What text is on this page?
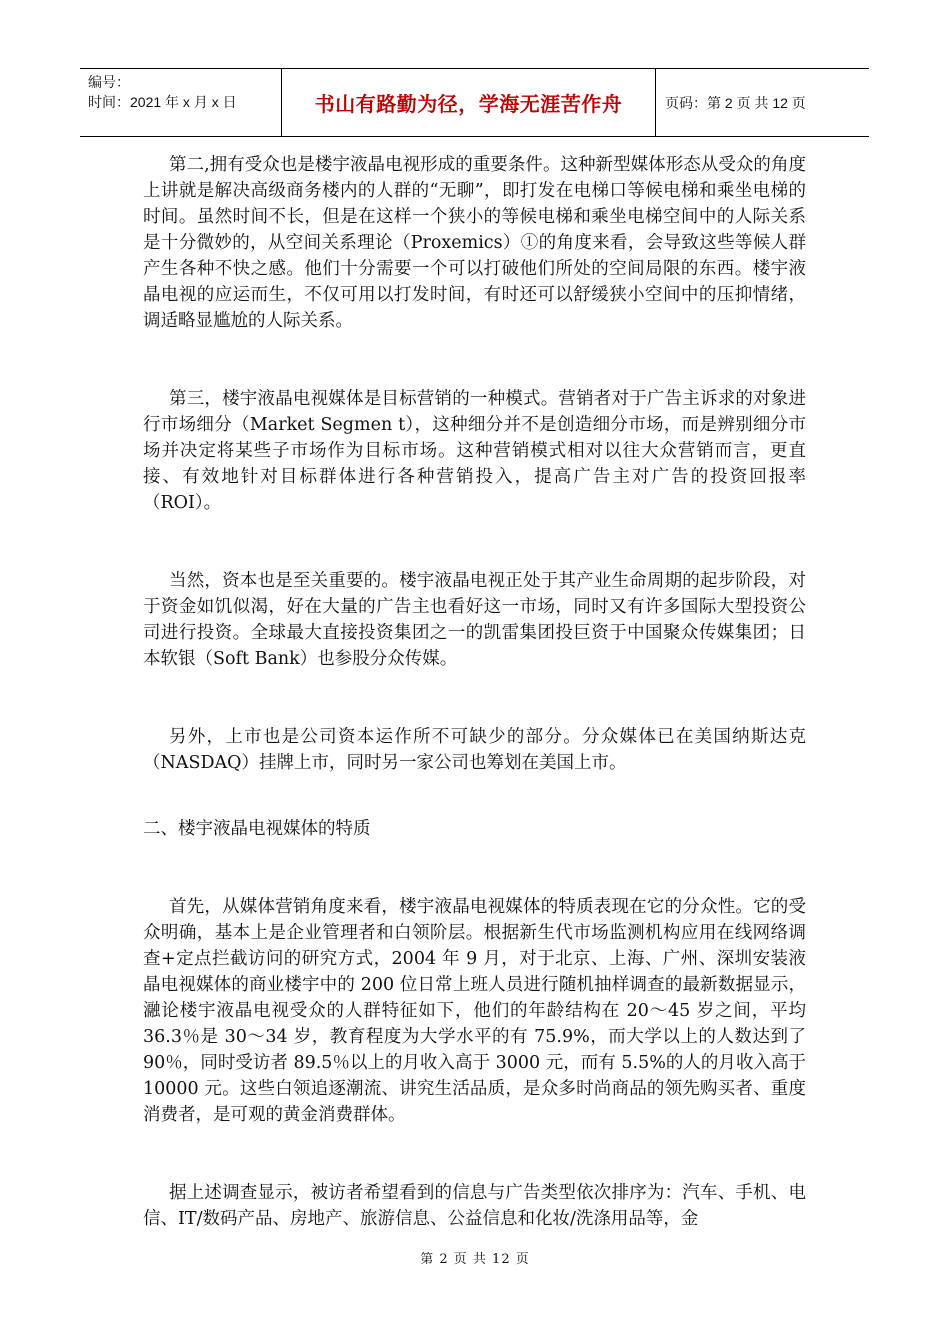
编号：
时间：2021 年 x 月 x 日	书山有路勤为径，学海无涯苦作舟	页码：第 2 页 共 12 页

第二,拥有受众也是楼宇液晶电视形成的重要条件。这种新型媒体形态从受众的角度上讲就是解决高级商务楼内的人群的“无聊”，即打发在电梯口等候电梯和乘坐电梯的时间。虽然时间不长，但是在这样一个狭小的等候电梯和乘坐电梯空间中的人际关系是十分微妙的，从空间关系理论（Proxemics）①的角度来看，会导致这些等候人群产生各种不快之感。他们十分需要一个可以打破他们所处的空间局限的东西。楼宇液晶电视的应运而生，不仅可用以打发时间，有时还可以舒缓狭小空间中的压抑情绪，调适略显尴尬的人际关系。

第三，楼宇液晶电视媒体是目标营销的一种模式。营销者对于广告主诉求的对象进行市场细分（Market Segmen t），这种细分并不是创造细分市场，而是辨别细分市场并决定将某些子市场作为目标市场。这种营销模式相对以往大众营销而言，更直接、有效地针对目标群体进行各种营销投入，提高广告主对广告的投资回报率（ROI）。

当然，资本也是至关重要的。楼宇液晶电视正处于其产业生命周期的起步阶段，对于资金如饥似渴，好在大量的广告主也看好这一市场，同时又有许多国际大型投资公司进行投资。全球最大直接投资集团之一的凯雷集团投巨资于中国聚众传媒集团；日本软银（Soft Bank）也参股分众传媒。

另外，上市也是公司资本运作所不可缺少的部分。分众媒体已在美国纳斯达克（NASDAQ）挂牌上市，同时另一家公司也筹划在美国上市。

二、楼宇液晶电视媒体的特质

首先，从媒体营销角度来看，楼宇液晶电视媒体的特质表现在它的分众性。它的受众明确，基本上是企业管理者和白领阶层。根据新生代市场监测机构应用在线网络调查+定点拦截访问的研究方式，2004 年 9 月，对于北京、上海、广州、深圳安装液晶电视媒体的商业楼宇中的 200 位日常上班人员进行随机抽样调查的最新数据显示，瀜论楼宇液晶电视受众的人群特征如下，他们的年龄结构在 20～45 岁之间，平均 36.3％是 30～34 岁，教育程度为大学水平的有 75.9%，而大学以上的人数达到了 90％，同时受访者 89.5％以上的月收入高于 3000 元，而有 5.5%的人的月收入高于 10000 元。这些白领追逐潮流、讲究生活品质，是众多时尚商品的领先购买者、重度消费者，是可观的黄金消费群体。

据上述调查显示，被访者希望看到的信息与广告类型依次排序为：汽车、手机、电信、IT/数码产品、房地产、旅游信息、公益信息和化妆/洗涤用品等，金

第 2 页 共 12 页
